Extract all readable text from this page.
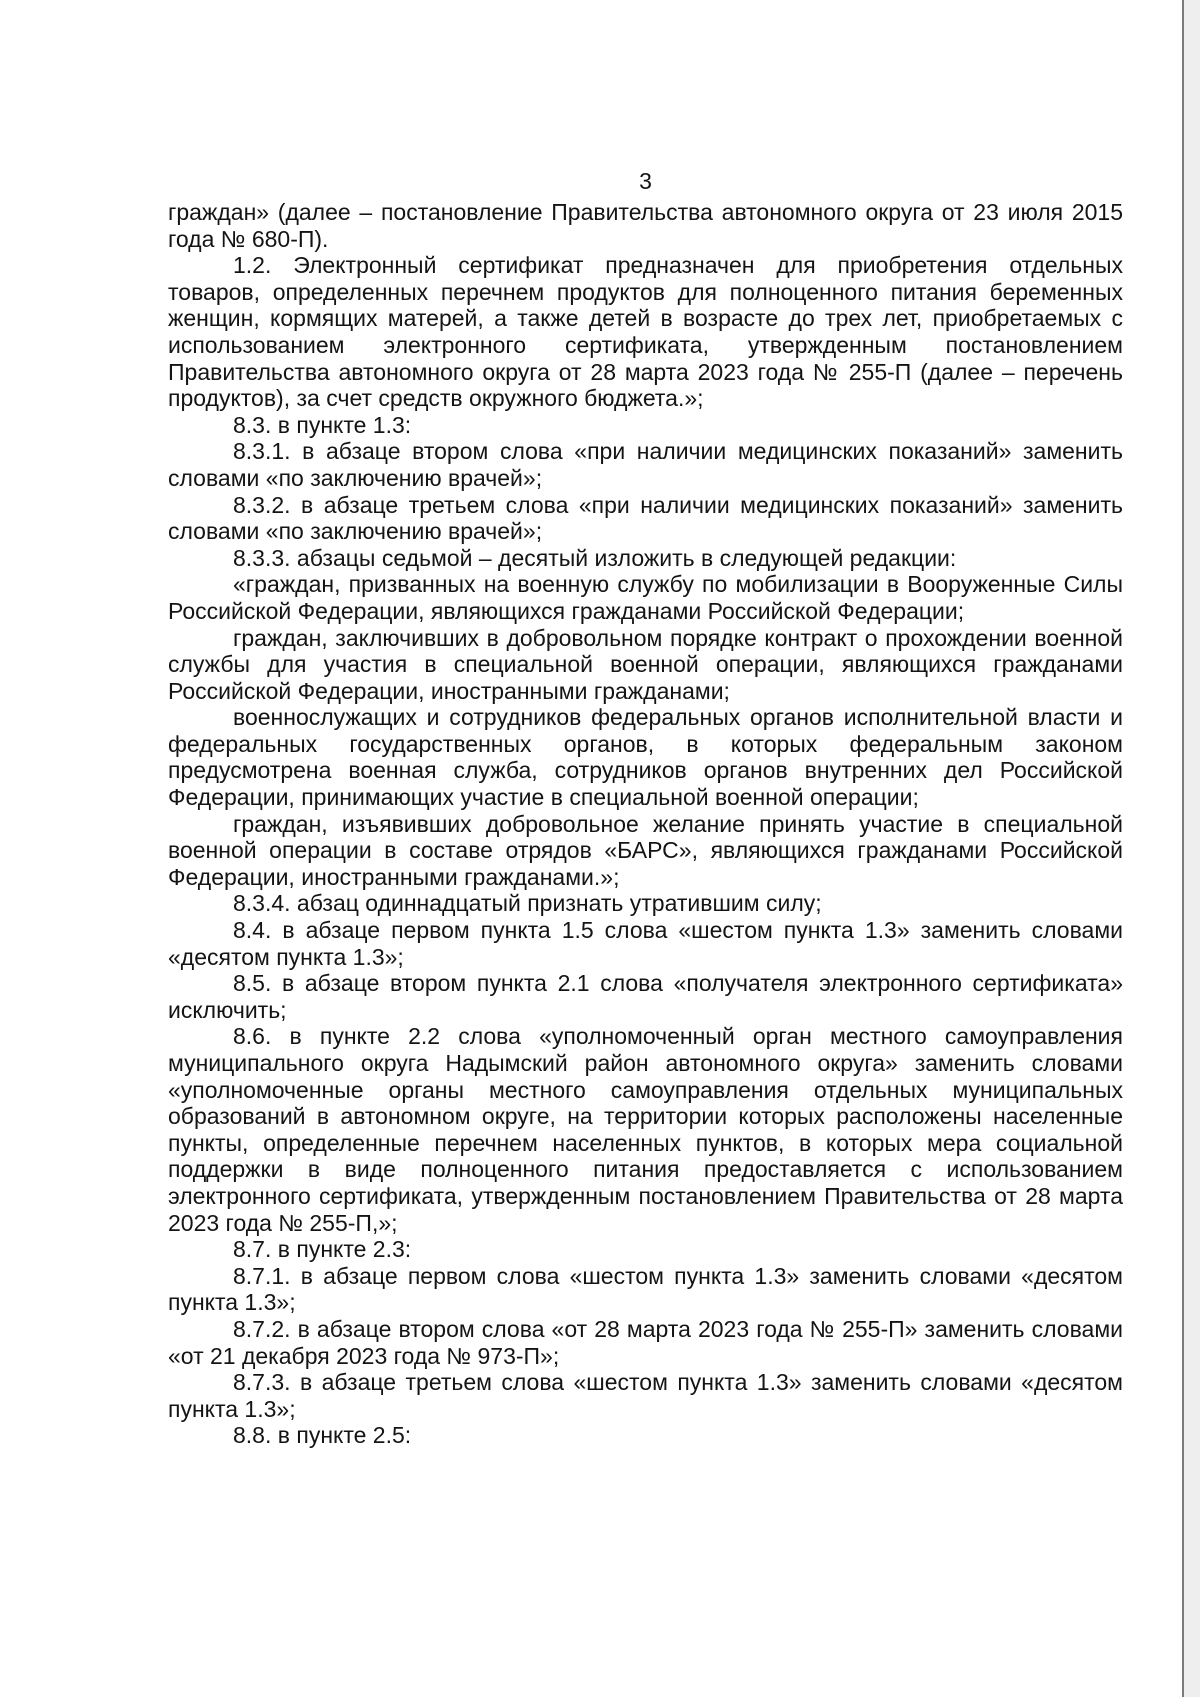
3

граждан» (далее – постановление Правительства автономного округа от 23 июля 2015 года № 680-П).

1.2. Электронный сертификат предназначен для приобретения отдельных товаров, определенных перечнем продуктов для полноценного питания беременных женщин, кормящих матерей, а также детей в возрасте до трех лет, приобретаемых с использованием электронного сертификата, утвержденным постановлением Правительства автономного округа от 28 марта 2023 года № 255-П (далее – перечень продуктов), за счет средств окружного бюджета.»;

8.3. в пункте 1.3:

8.3.1. в абзаце втором слова «при наличии медицинских показаний» заменить словами «по заключению врачей»;

8.3.2. в абзаце третьем слова «при наличии медицинских показаний» заменить словами «по заключению врачей»;

8.3.3. абзацы седьмой – десятый изложить в следующей редакции:

«граждан, призванных на военную службу по мобилизации в Вооруженные Силы Российской Федерации, являющихся гражданами Российской Федерации;

граждан, заключивших в добровольном порядке контракт о прохождении военной службы для участия в специальной военной операции, являющихся гражданами Российской Федерации, иностранными гражданами;

военнослужащих и сотрудников федеральных органов исполнительной власти и федеральных государственных органов, в которых федеральным законом предусмотрена военная служба, сотрудников органов внутренних дел Российской Федерации, принимающих участие в специальной военной операции;

граждан, изъявивших добровольное желание принять участие в специальной военной операции в составе отрядов «БАРС», являющихся гражданами Российской Федерации, иностранными гражданами.»;

8.3.4. абзац одиннадцатый признать утратившим силу;

8.4. в абзаце первом пункта 1.5 слова «шестом пункта 1.3» заменить словами «десятом пункта 1.3»;

8.5. в абзаце втором пункта 2.1 слова «получателя электронного сертификата» исключить;

8.6. в пункте 2.2 слова «уполномоченный орган местного самоуправления муниципального округа Надымский район автономного округа» заменить словами «уполномоченные органы местного самоуправления отдельных муниципальных образований в автономном округе, на территории которых расположены населенные пункты, определенные перечнем населенных пунктов, в которых мера социальной поддержки в виде полноценного питания предоставляется с использованием электронного сертификата, утвержденным постановлением Правительства от 28 марта 2023 года № 255-П,»;

8.7. в пункте 2.3:

8.7.1. в абзаце первом слова «шестом пункта 1.3» заменить словами «десятом пункта 1.3»;

8.7.2. в абзаце втором слова «от 28 марта 2023 года № 255-П» заменить словами «от 21 декабря 2023 года № 973-П»;

8.7.3. в абзаце третьем слова «шестом пункта 1.3» заменить словами «десятом пункта 1.3»;

8.8. в пункте 2.5:
